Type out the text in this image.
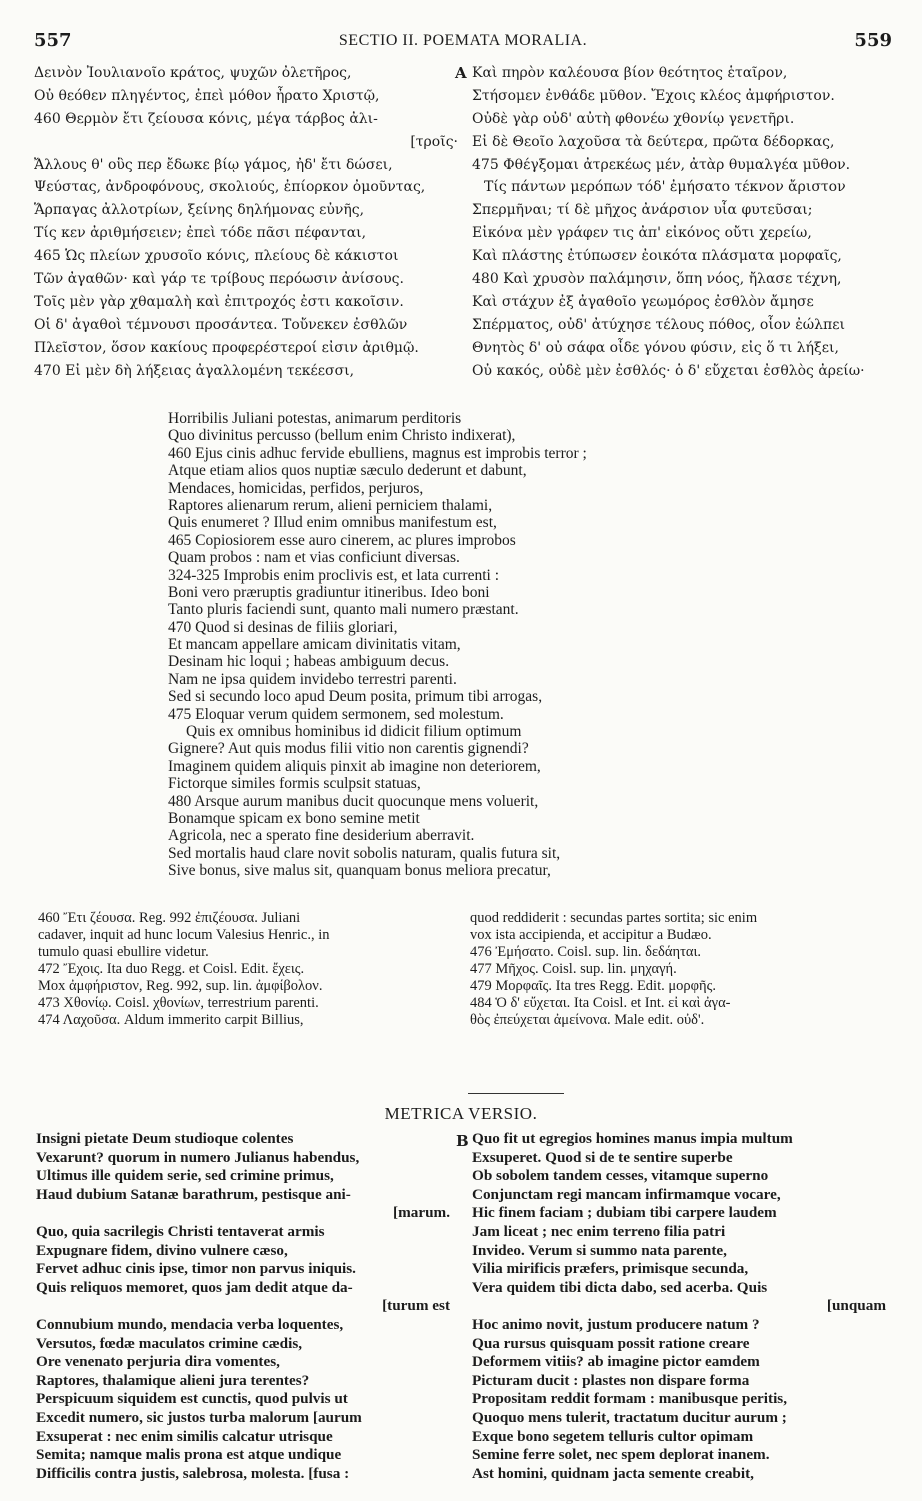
557	SECTIO II. POEMATA MORALIA.	559
Δεινὸν Ἰουλιανοῖο κράτος, ψυχῶν ὀλετῆρος,
Οὐ θεόθεν πληγέντος, ἐπεὶ μόθον ἦρατο Χριστῷ,
460 Θερμὸν ἔτι ζείουσα κόνις, μέγα τάρβος ἀλι-
[τροῖς·
Ἄλλους θ' οὓς περ ἔδωκε βίῳ γάμος, ἠδ' ἔτι δώσει,
Ψεύστας, ἀνδροφόνους, σκολιούς, ἐπίορκον ὀμοῦντας,
Ἅρπαγας ἀλλοτρίων, ξείνης δηλήμονας εὐνῆς,
Τίς κεν ἀριθμήσειεν; ἐπεὶ τόδε πᾶσι πέφανται,
465 Ὡς πλείων χρυσοῖο κόνις, πλείους δὲ κάκιστοι
Τῶν ἀγαθῶν· καὶ γάρ τε τρίβους περόωσιν ἀνίσους.
Τοῖς μὲν γὰρ χθαμαλὴ καὶ ἐπιτροχός ἐστι κακοῖσιν.
Οἱ δ' ἀγαθοὶ τέμνουσι προσάντεα. Τοὔνεκεν ἐσθλῶν
Πλεῖστον, ὅσον κακίους προφερέστεροί εἰσιν ἀριθμῷ.
470 Εἰ μὲν δὴ λήξειας ἀγαλλομένη τεκέεσσι,
A Καὶ πηρὸν καλέουσα βίον θεότητος ἑταῖρον,
Στήσομεν ἐνθάδε μῦθον. Ἔχοις κλέος ἀμφήριστον.
Οὐδὲ γὰρ οὐδ' αὐτὴ φθονέω χθονίῳ γενετῆρι.
Εἰ δὲ Θεοῖο λαχοῦσα τὰ δεύτερα, πρῶτα δέδορκας,
475 Φθέγξομαι ἀτρεκέως μέν, ἀτὰρ θυμαλγέα μῦθον.
Τίς πάντων μερόπων τόδ' ἐμήσατο τέκνον ἄριστον
Σπερμῆναι; τί δὲ μῆχος ἀνάρσιον υἷα φυτεῦσαι;
Εἰκόνα μὲν γράφεν τις ἀπ' εἰκόνος οὔτι χερείω,
Καὶ πλάστης ἐτύπωσεν ἐοικότα πλάσματα μορφαῖς,
480 Καὶ χρυσὸν παλάμησιν, ὅπη νόος, ἤλασε τέχνη,
Καὶ στάχυν ἐξ ἀγαθοῖο γεωμόρος ἐσθλὸν ἄμησε
Σπέρματος, οὐδ' ἀτύχησε τέλους πόθος, οἷον ἐώλπει
Θνητὸς δ' οὐ σάφα οἶδε γόνου φύσιν, εἰς ὅ τι λήξει,
Οὐ κακός, οὐδὲ μὲν ἐσθλός· ὁ δ' εὔχεται ἐσθλὸς ἀρείω·
Horribilis Juliani potestas, animarum perditoris
Quo divinitus percusso (bellum enim Christo indixerat),
460 Ejus cinis adhuc fervide ebulliens, magnus est improbis terror ;
Atque etiam alios quos nuptiæ sæculo dederunt et dabunt,
Mendaces, homicidas, perfidos, perjuros,
Raptores alienarum rerum, alieni perniciem thalami,
Quis enumeret ? Illud enim omnibus manifestum est,
465 Copiosiorem esse auro cinerem, ac plures improbos
Quam probos : nam et vias conficiunt diversas.
324-325 Improbis enim proclivis est, et lata currenti :
Boni vero præruptis gradiuntur itineribus. Ideo boni
Tanto pluris faciendi sunt, quanto mali numero præstant.
470 Quod si desinas de filiis gloriari,
Et mancam appellare amicam divinitatis vitam,
Desinam hic loqui ; habeas ambiguum decus.
Nam ne ipsa quidem invidebo terrestri parenti.
Sed si secundo loco apud Deum posita, primum tibi arrogas,
475 Eloquar verum quidem sermonem, sed molestum.
Quis ex omnibus hominibus id didicit filium optimum
Gignere? Aut quis modus filii vitio non carentis gignendi?
Imaginem quidem aliquis pinxit ab imagine non deteriorem,
Fictorque similes formis sculpsit statuas,
480 Arsque aurum manibus ducit quocunque mens voluerit,
Bonamque spicam ex bono semine metit
Agricola, nec a sperato fine desiderium aberravit.
Sed mortalis haud clare novit sobolis naturam, qualis futura sit,
Sive bonus, sive malus sit, quanquam bonus meliora precatur,
460 Ἔτι ζέουσα. Reg. 992 ἐπιζέουσα. Juliani
cadaver, inquit ad hunc locum Valesius Henric., in
tumulo quasi ebullire videtur.
472 Ἔχοις. Ita duo Regg. et Coisl. Edit. ἔχεις.
Mox ἀμφήριστον, Reg. 992, sup. lin. ἀμφίβολον.
473 Χθονίῳ. Coisl. χθονίων, terrestrium parenti.
474 Λαχοῦσα. Aldum immerito carpit Billius,
quod reddiderit : secundas partes sortita; sic enim
vox ista accipienda, et accipitur a Budæo.
476 Ἐμήσατο. Coisl. sup. lin. δεδάηται.
477 Μῆχος. Coisl. sup. lin. μηχαγή.
479 Μορφαῖς. Ita tres Regg. Edit. μορφῆς.
484 Ὁ δ' εὔχεται. Ita Coisl. et Int. εἰ καὶ ἀγα-
θὸς ἐπεύχεται ἀμείνονα. Male edit. οὐδ'.
METRICA VERSIO.
Insigni pietate Deum studioque colentes
Vexarunt? quorum in numero Julianus habendus,
Ultimus ille quidem serie, sed crimine primus,
Haud dubium Satanæ barathrum, pestisque ani-
[marum.
Quo, quia sacrilegis Christi tentaverat armis
Expugnare fidem, divino vulnere cæso,
Fervet adhuc cinis ipse, timor non parvus iniquis.
Quis reliquos memoret, quos jam dedit atque da-
[turum est
Connubium mundo, mendacia verba loquentes,
Versutos, fœdæ maculatos crimine cædis,
Ore venenato perjuria dira vomentes,
Raptores, thalamique alieni jura terentes?
Perspicuum siquidem est cunctis, quod pulvis ut
Excedit numero, sic justos turba malorum [aurum
Exsuperat : nec enim similis calcatur utrisque
Semita; namque malis prona est atque undique
Difficilis contra justis, salebrosa, molesta. [fusa :
B Quo fit ut egregios homines manus impia multum
Exsuperet. Quod si de te sentire superbe
Ob sobolem tandem cesses, vitamque superno
Conjunctam regi mancam infirmamque vocare,
Hic finem faciam ; dubiam tibi carpere laudem
Jam liceat ; nec enim terreno filia patri
Invideo. Verum si summo nata parente,
Vilia mirificis præfers, primisque secunda,
Vera quidem tibi dicta dabo, sed acerba. Quis
[unquam
Hoc animo novit, justum producere natum ?
Qua rursus quisquam possit ratione creare
Deformem vitiis? ab imagine pictor eamdem
Picturam ducit : plastes non dispare forma
Propositam reddit formam : manibusque peritis,
Quoquo mens tulerit, tractatum ducitur aurum ;
Exque bono segetem telluris cultor opimam
Semine ferre solet, nec spem deplorat inanem.
Ast homini, quidnam jacta semente creabit,
